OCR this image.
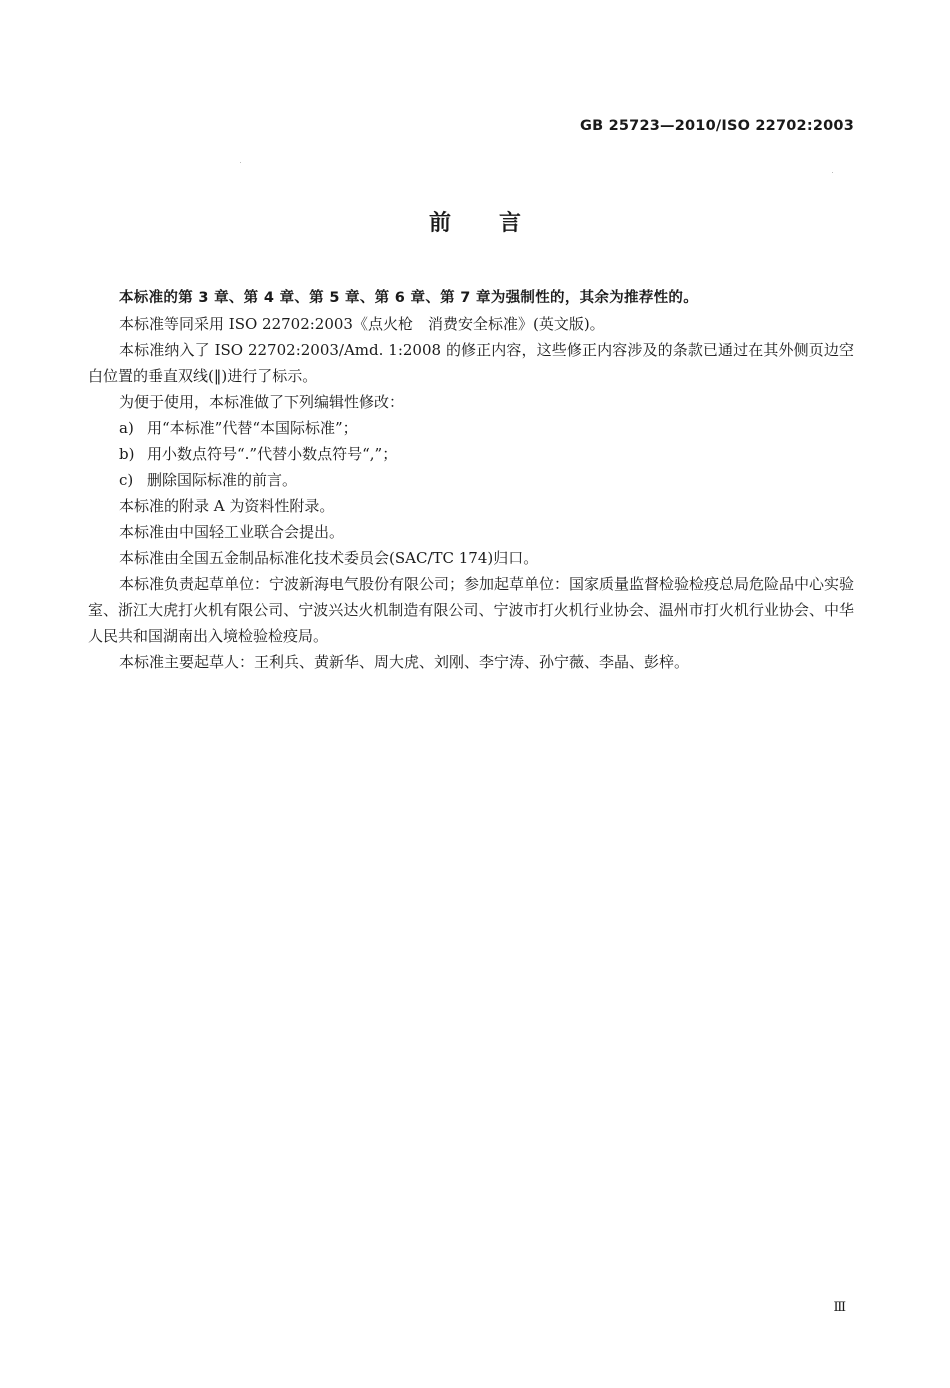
GB 25723—2010/ISO 22702:2003
前言

本标准的第 3 章、第 4 章、第 5 章、第 6 章、第 7 章为强制性的，其余为推荐性的。

本标准等同采用 ISO 22702:2003《点火枪　消费安全标准》(英文版)。

本标准纳入了 ISO 22702:2003/Amd. 1:2008 的修正内容，这些修正内容涉及的条款已通过在其外侧页边空白位置的垂直双线(‖)进行了标示。

为便于使用，本标准做了下列编辑性修改：

a) 用“本标准”代替“本国际标准”；

b) 用小数点符号“.”代替小数点符号“,”；

c) 删除国际标准的前言。

本标准的附录 A 为资料性附录。

本标准由中国轻工业联合会提出。

本标准由全国五金制品标准化技术委员会(SAC/TC 174)归口。

本标准负责起草单位：宁波新海电气股份有限公司；参加起草单位：国家质量监督检验检疫总局危险品中心实验室、浙江大虎打火机有限公司、宁波兴达火机制造有限公司、宁波市打火机行业协会、温州市打火机行业协会、中华人民共和国湖南出入境检验检疫局。

本标准主要起草人：王利兵、黄新华、周大虎、刘刚、李宁涛、孙宁薇、李晶、彭梓。

Ⅲ
